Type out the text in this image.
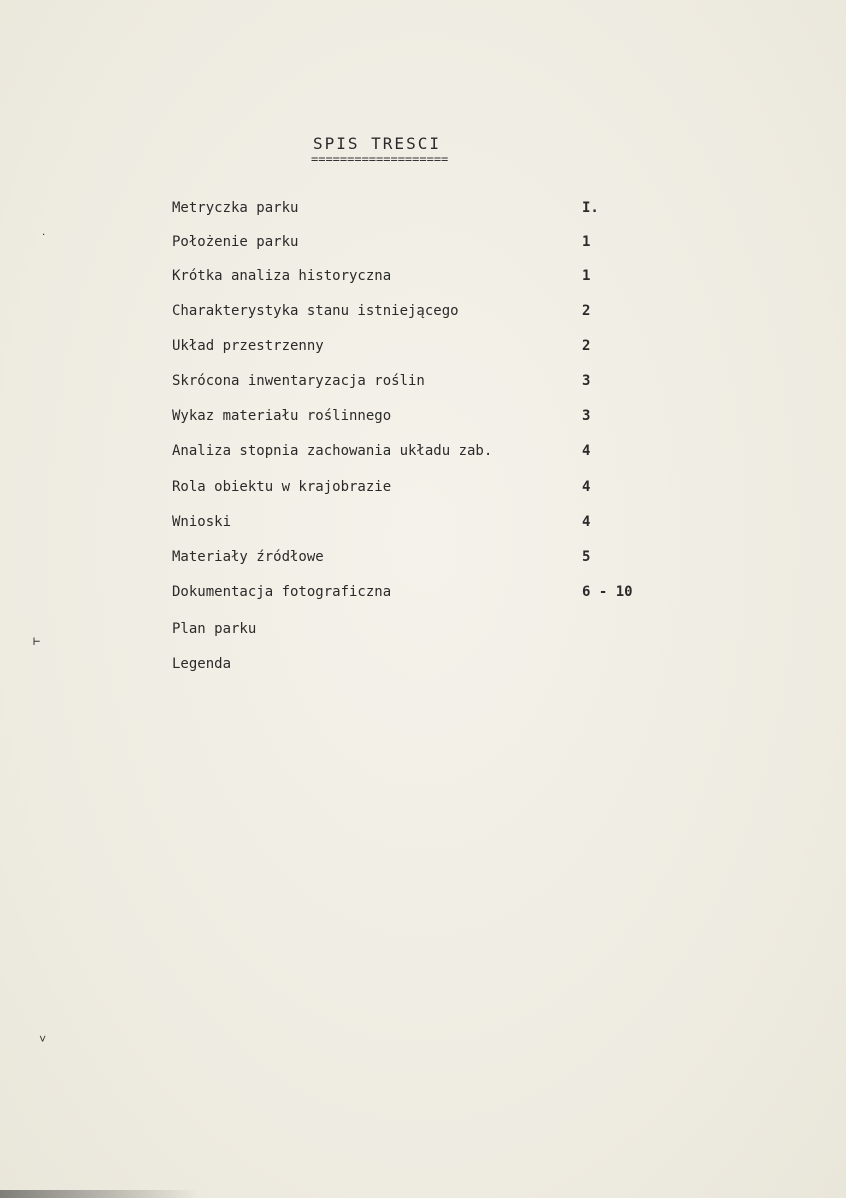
SPIS TRESCI
===================
Metryczka parku	I.
Położenie parku	1
Krótka analiza historyczna	1
Charakterystyka stanu istniejącego	2
Układ przestrzenny	2
Skrócona inwentaryzacja roślin	3
Wykaz materiału roślinnego	3
Analiza stopnia zachowania układu zab.	4
Rola obiektu w krajobrazie	4
Wnioski	4
Materiały źródłowe	5
Dokumentacja fotograficzna	6 - 10
Plan parku
Legenda
˙
⊢
˅
